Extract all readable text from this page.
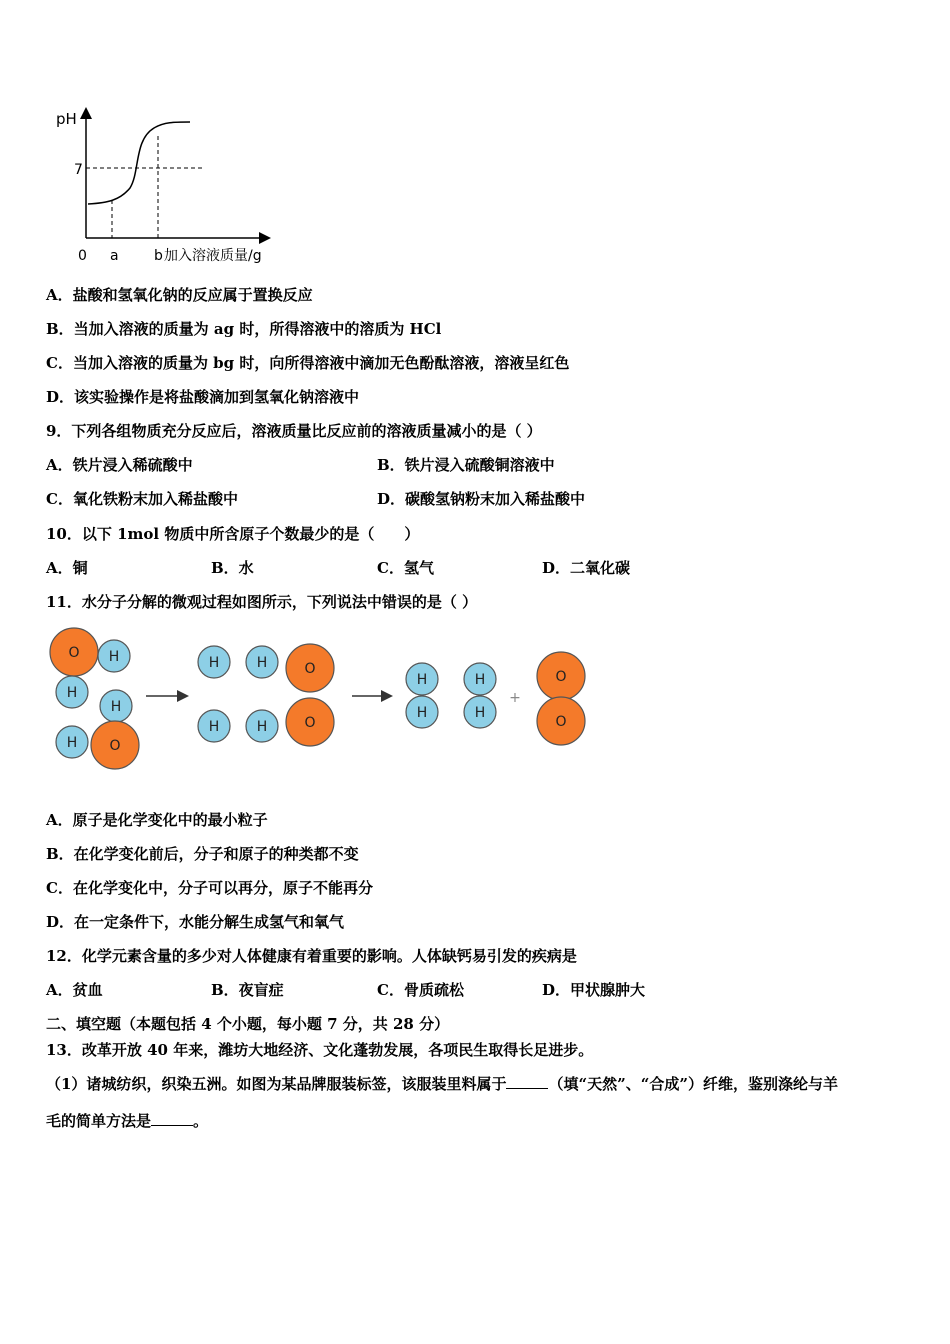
pH
7
0 a	b 加入溶液质量/g
A．盐酸和氢氧化钠的反应属于置换反应
B．当加入溶液的质量为 ag 时，所得溶液中的溶质为 HCl
C．当加入溶液的质量为 bg 时，向所得溶液中滴加无色酚酞溶液，溶液呈红色
D．该实验操作是将盐酸滴加到氢氧化钠溶液中
9．下列各组物质充分反应后，溶液质量比反应前的溶液质量减小的是（ ）
A．铁片浸入稀硫酸中	B．铁片浸入硫酸铜溶液中
C．氧化铁粉末加入稀盐酸中	D．碳酸氢钠粉末加入稀盐酸中
10．以下 1mol 物质中所含原子个数最少的是（　　）
A．铜	B．水	C．氢气	D．二氧化碳
11．水分子分解的微观过程如图所示，下列说法中错误的是（ ）
O H
H
H
H O
H	H	O
H	H	O
H
H
H
H
O
O
+
A．原子是化学变化中的最小粒子
B．在化学变化前后，分子和原子的种类都不变
C．在化学变化中，分子可以再分，原子不能再分
D．在一定条件下，水能分解生成氢气和氧气
12．化学元素含量的多少对人体健康有着重要的影响。人体缺钙易引发的疾病是
A．贫血	B．夜盲症	C．骨质疏松	D．甲状腺肿大
二、填空题（本题包括 4 个小题，每小题 7 分，共 28 分）
13．改革开放 40 年来，潍坊大地经济、文化蓬勃发展，各项民生取得长足进步。
（1）诸城纺织，织染五洲。如图为某品牌服装标签，该服装里料属于	（填“天然”、“合成”）纤维，鉴别涤纶与羊
毛的简单方法是	。
